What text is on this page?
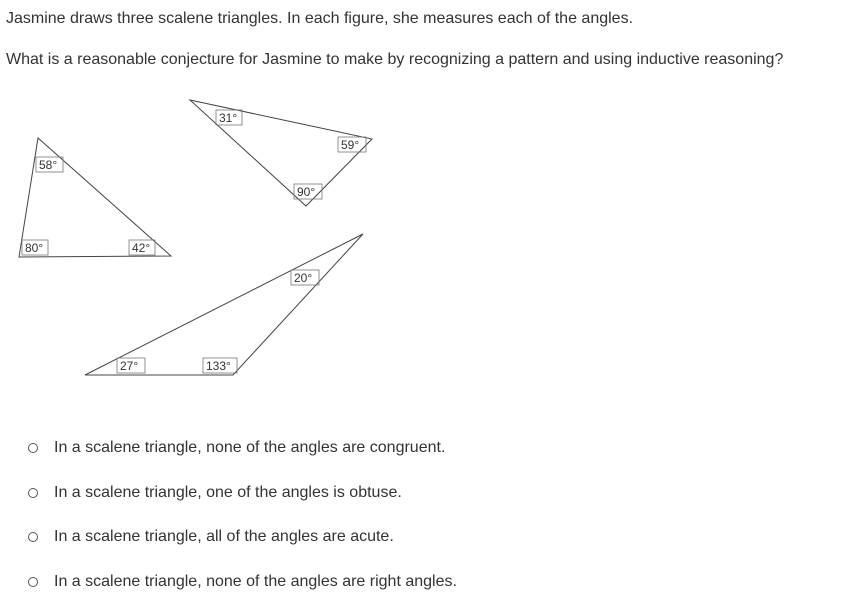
Jasmine draws three scalene triangles. In each figure, she measures each of the angles.
What is a reasonable conjecture for Jasmine to make by recognizing a pattern and using inductive reasoning?
58°
80°	42°
31°
59°
90°
20°
27°	133°
In a scalene triangle, none of the angles are congruent.
In a scalene triangle, one of the angles is obtuse.
In a scalene triangle, all of the angles are acute.
In a scalene triangle, none of the angles are right angles.
